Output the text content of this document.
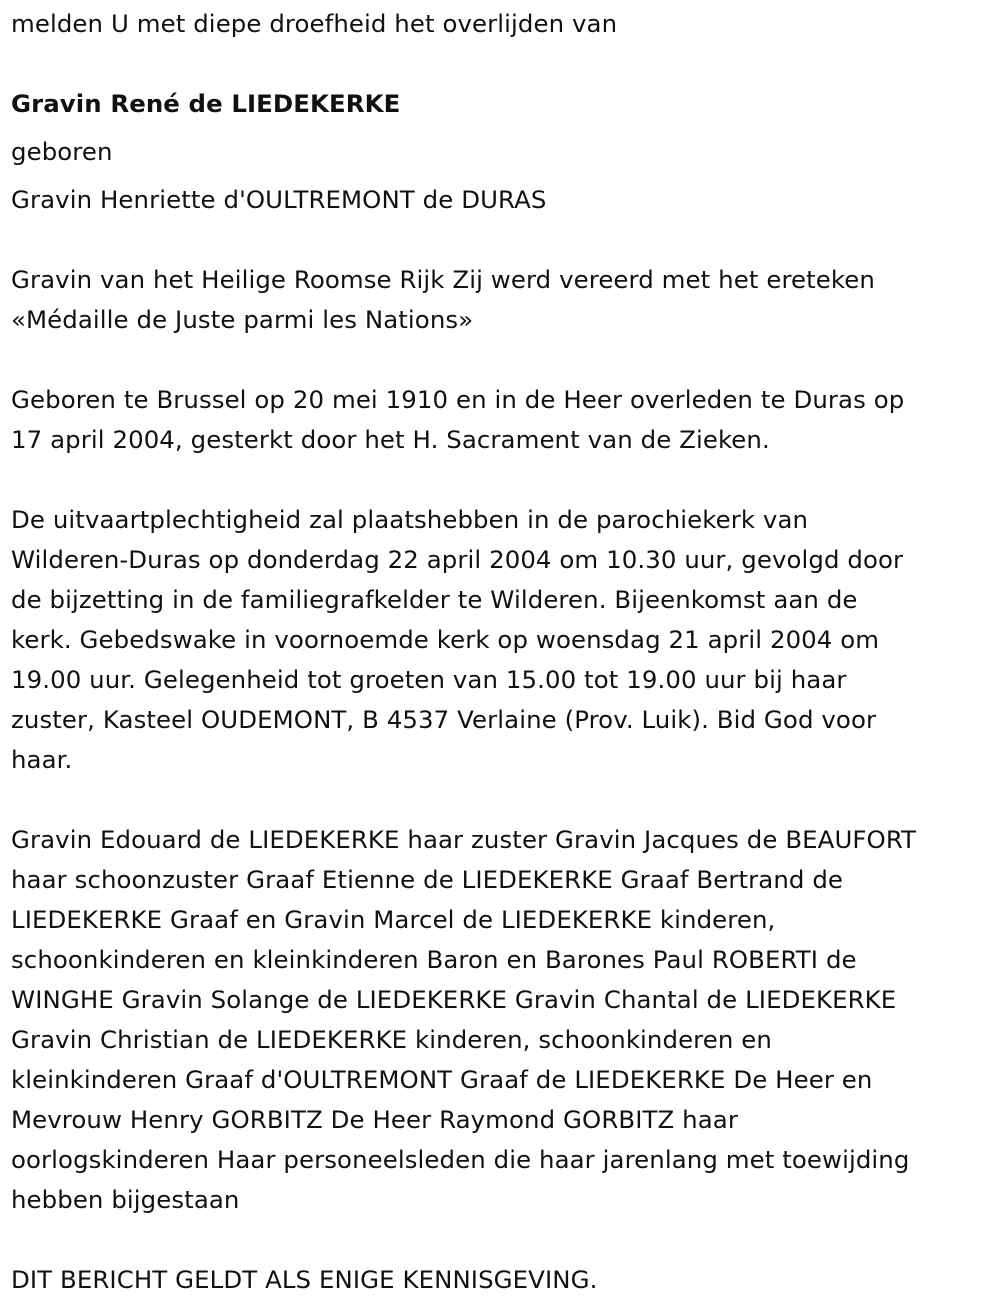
melden U met diepe droefheid het overlijden van

Gravin René de LIEDEKERKE

geboren

Gravin Henriette d'OULTREMONT de DURAS

Gravin van het Heilige Roomse Rijk Zij werd vereerd met het ereteken

«Médaille de Juste parmi les Nations»

Geboren te Brussel op 20 mei 1910 en in de Heer overleden te Duras op

17 april 2004, gesterkt door het H. Sacrament van de Zieken.

De uitvaartplechtigheid zal plaatshebben in de parochiekerk van

Wilderen-Duras op donderdag 22 april 2004 om 10.30 uur, gevolgd door

de bijzetting in de familiegrafkelder te Wilderen. Bijeenkomst aan de

kerk. Gebedswake in voornoemde kerk op woensdag 21 april 2004 om

19.00 uur. Gelegenheid tot groeten van 15.00 tot 19.00 uur bij haar

zuster, Kasteel OUDEMONT, B 4537 Verlaine (Prov. Luik). Bid God voor

haar.

Gravin Edouard de LIEDEKERKE haar zuster Gravin Jacques de BEAUFORT

haar schoonzuster Graaf Etienne de LIEDEKERKE Graaf Bertrand de

LIEDEKERKE Graaf en Gravin Marcel de LIEDEKERKE kinderen,

schoonkinderen en kleinkinderen Baron en Barones Paul ROBERTI de

WINGHE Gravin Solange de LIEDEKERKE Gravin Chantal de LIEDEKERKE

Gravin Christian de LIEDEKERKE kinderen, schoonkinderen en

kleinkinderen Graaf d'OULTREMONT Graaf de LIEDEKERKE De Heer en

Mevrouw Henry GORBITZ De Heer Raymond GORBITZ haar

oorlogskinderen Haar personeelsleden die haar jarenlang met toewijding

hebben bijgestaan

DIT BERICHT GELDT ALS ENIGE KENNISGEVING.
